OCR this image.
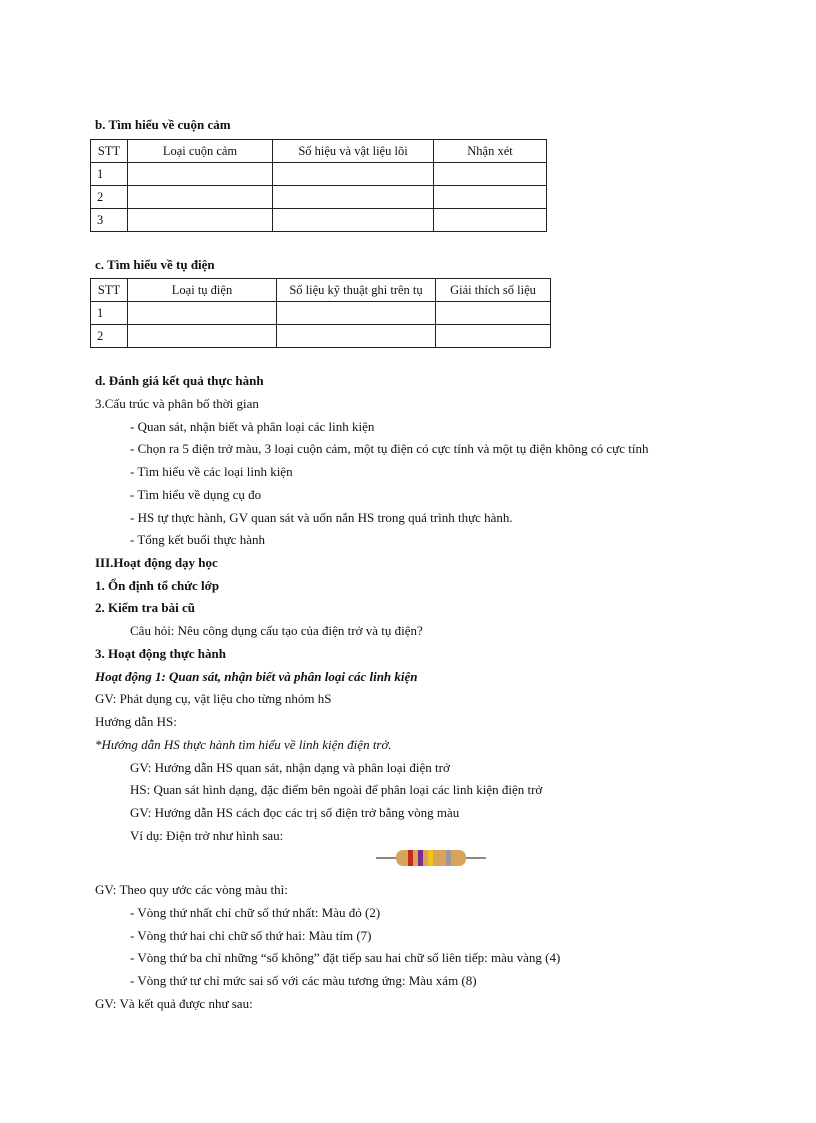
b. Tìm hiểu về cuộn cảm
STT	Loại cuộn cảm	Số hiệu và vật liệu lõi	Nhận xét
1			
2			
3			
c. Tìm hiểu về tụ điện
STT	Loại tụ điện	Số liệu kỹ thuật ghi trên tụ	Giải thích số liệu
1			
2			
d. Đánh giá kết quả thực hành
3.Cấu trúc và phân bố thời gian
- Quan sát, nhận biết và phân loại các linh kiện
- Chọn ra 5 điện trở màu, 3 loại cuộn cảm, một tụ điện có cực tính và một tụ điện không có cực tính
- Tìm hiểu về các loại linh kiện
- Tìm hiểu về dụng cụ đo
- HS tự thực hành, GV quan sát và uốn nắn HS trong quá trình thực hành.
- Tổng kết buổi thực hành
III.Hoạt động dạy học
1. Ổn định tổ chức lớp
2. Kiểm tra bài cũ
Câu hỏi: Nêu công dụng cấu tạo của điện trở và tụ điện?
3. Hoạt động thực hành
Hoạt động 1: Quan sát, nhận biết và phân loại các linh kiện
GV: Phát dụng cụ, vật liệu cho từng nhóm hS
Hướng dẫn HS:
*Hướng dẫn HS thực hành tìm hiểu về linh kiện điện trở.
GV: Hướng dẫn HS quan sát, nhận dạng và phân loại điện trở
HS: Quan sát hình dạng, đặc điểm bên ngoài để phân loại các linh kiện điện trở
GV: Hướng dẫn HS cách đọc các trị số điện trở bằng vòng màu
Ví dụ: Điện trở như hình sau:
GV: Theo quy ước các vòng màu thì:
- Vòng thứ nhất chỉ chữ số thứ nhất: Màu đỏ (2)
- Vòng thứ hai chỉ chữ số thứ hai: Màu tím (7)
- Vòng thứ ba chỉ những “số không” đặt tiếp sau hai chữ số liên tiếp: màu vàng (4)
- Vòng thứ tư chỉ mức sai số với các màu tương ứng: Màu xám (8)
GV: Và kết quả được như sau:
